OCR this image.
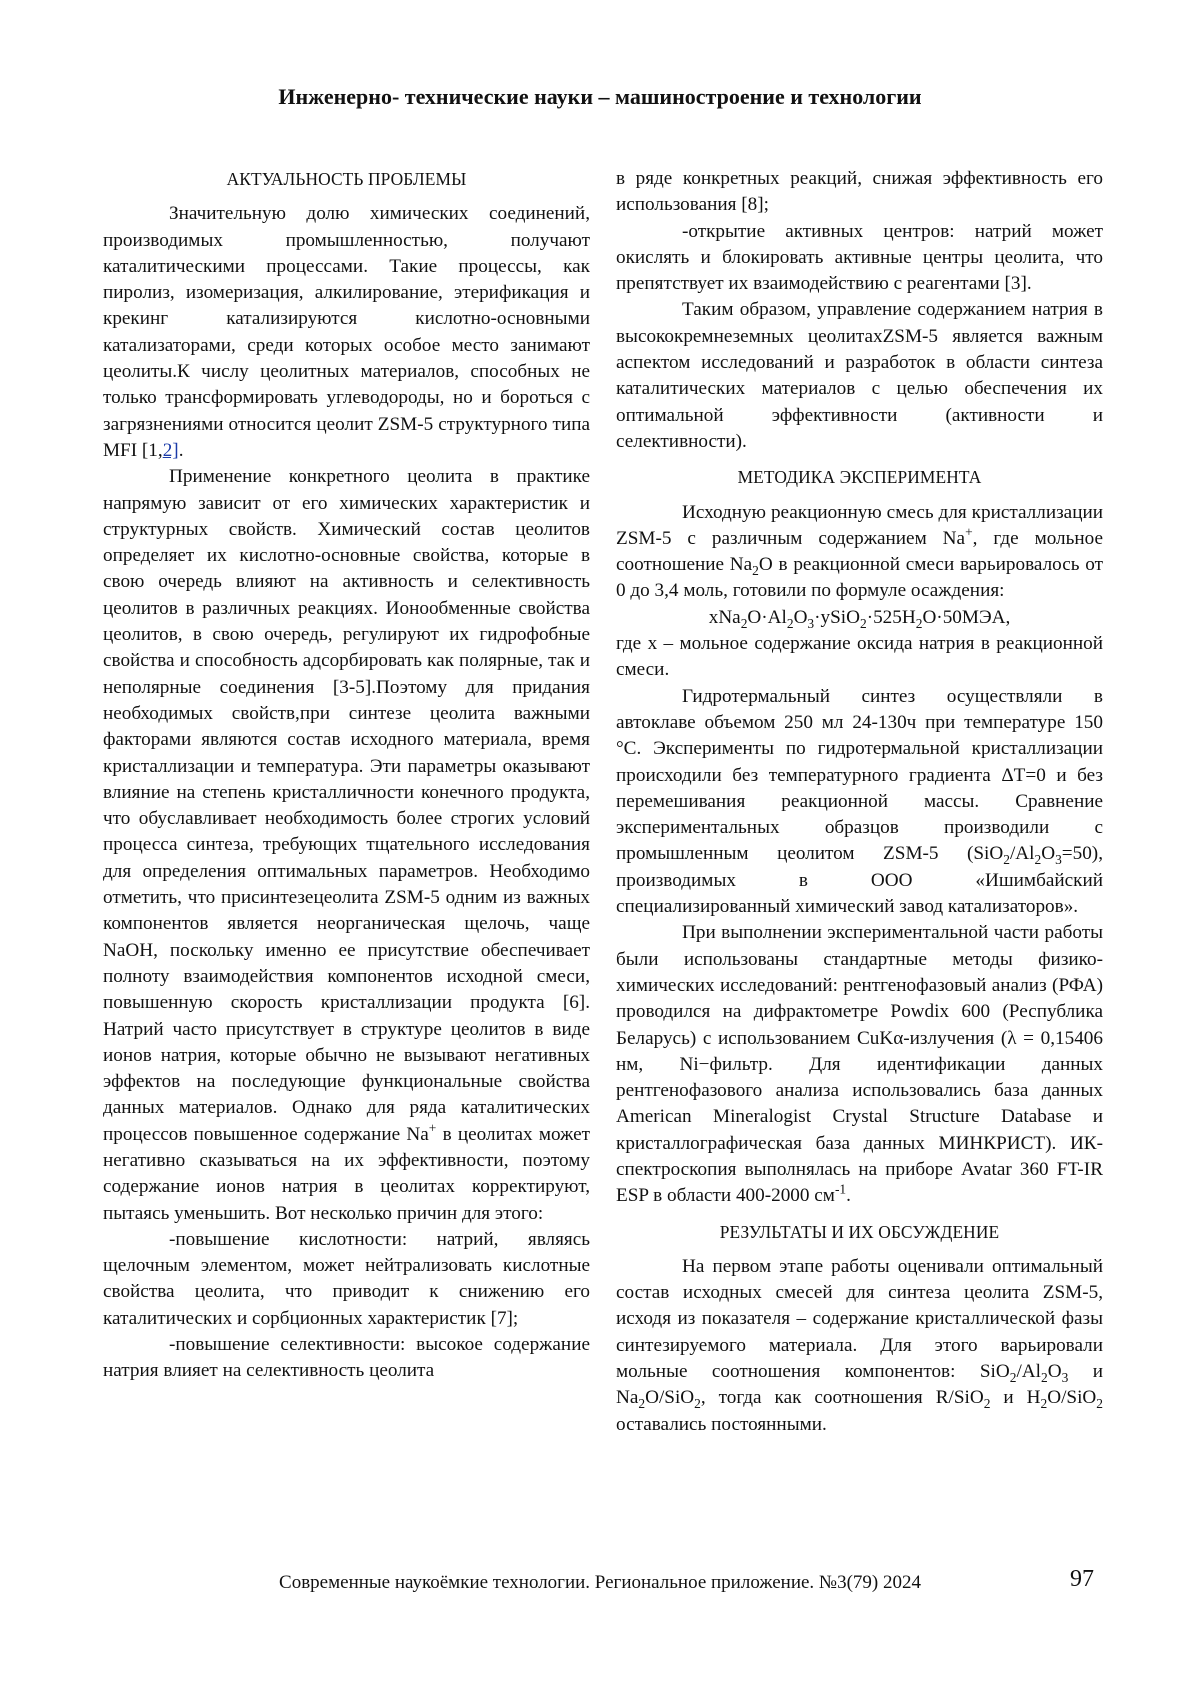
Инженерно- технические науки – машиностроение и технологии
АКТУАЛЬНОСТЬ ПРОБЛЕМЫ

Значительную долю химических соединений, производимых промышленностью, получают каталитическими процессами. Такие процессы, как пиролиз, изомеризация, алкилирование, этерификация и крекинг катализируются кислотно-основными катализаторами, среди которых особое место занимают цеолиты.К числу цеолитных материалов, способных не только трансформировать углеводороды, но и бороться с загрязнениями относится цеолит ZSM-5 структурного типа MFI [1,2].

Применение конкретного цеолита в практике напрямую зависит от его химических характеристик и структурных свойств. Химический состав цеолитов определяет их кислотно-основные свойства, которые в свою очередь влияют на активность и селективность цеолитов в различных реакциях. Ионообменные свойства цеолитов, в свою очередь, регулируют их гидрофобные свойства и способность адсорбировать как полярные, так и неполярные соединения [3-5].Поэтому для придания необходимых свойств,при синтезе цеолита важными факторами являются состав исходного материала, время кристаллизации и температура. Эти параметры оказывают влияние на степень кристалличности конечного продукта, что обуславливает необходимость более строгих условий процесса синтеза, требующих тщательного исследования для определения оптимальных параметров. Необходимо отметить, что присинтезецеолита ZSM-5 одним из важных компонентов является неорганическая щелочь, чаще NaOH, поскольку именно ее присутствие обеспечивает полноту взаимодействия компонентов исходной смеси, повышенную скорость кристаллизации продукта [6]. Натрий часто присутствует в структуре цеолитов в виде ионов натрия, которые обычно не вызывают негативных эффектов на последующие функциональные свойства данных материалов. Однако для ряда каталитических процессов повышенное содержание Na+ в цеолитах может негативно сказываться на их эффективности, поэтому содержание ионов натрия в цеолитах корректируют, пытаясь уменьшить. Вот несколько причин для этого:

-повышение кислотности: натрий, являясь щелочным элементом, может нейтрализовать кислотные свойства цеолита, что приводит к снижению его каталитических и сорбционных характеристик [7];

-повышение селективности: высокое содержание натрия влияет на селективность цеолита

в ряде конкретных реакций, снижая эффективность его использования [8];

-открытие активных центров: натрий может окислять и блокировать активные центры цеолита, что препятствует их взаимодействию с реагентами [3].

Таким образом, управление содержанием натрия в высококремнеземных цеолитахZSM-5 является важным аспектом исследований и разработок в области синтеза каталитических материалов с целью обеспечения их оптимальной эффективности (активности и селективности).

МЕТОДИКА ЭКСПЕРИМЕНТА

Исходную реакционную смесь для кристаллизации ZSM-5 с различным содержанием Na+, где мольное соотношение $Na_2O$ в реакционной смеси варьировалось от 0 до 3,4 моль, готовили по формуле осаждения:

$xNa_2O\cdot Al_2O_3\cdot ySiO_2\cdot 525H_2O\cdot 50МЭА$,

где x – мольное содержание оксида натрия в реакционной смеси.

Гидротермальный синтез осуществляли в автоклаве объемом 250 мл 24-130ч при температуре 150 °С. Эксперименты по гидротермальной кристаллизации происходили без температурного градиента ΔТ=0 и без перемешивания реакционной массы. Сравнение экспериментальных образцов производили с промышленным цеолитом ZSM-5 $(SiO_2/Al_2O_3=50)$, производимых в ООО «Ишимбайский специализированный химический завод катализаторов».

При выполнении экспериментальной части работы были использованы стандартные методы физико-химических исследований: рентгенофазовый анализ (РФА) проводился на дифрактометре Powdix 600 (Республика Беларусь) с использованием CuKα-излучения (λ = 0,15406 нм, Ni−фильтр. Для идентификации данных рентгенофазового анализа использовались база данных American Mineralogist Crystal Structure Database и кристаллографическая база данных МИНКРИСТ). ИК-спектроскопия выполнялась на приборе Avatar 360 FT-IR ESP в области 400-2000 $см^{-1}$.

РЕЗУЛЬТАТЫ И ИХ ОБСУЖДЕНИЕ

На первом этапе работы оценивали оптимальный состав исходных смесей для синтеза цеолита ZSM-5, исходя из показателя – содержание кристаллической фазы синтезируемого материала. Для этого варьировали мольные соотношения компонентов: $SiO_2/Al_2O_3$ и $Na_2O/SiO_2$, тогда как соотношения R/SiO$_2$ и $H_2O/SiO_2$ оставались постоянными.

Современные наукоёмкие технологии. Региональное приложение. №3(79) 2024	97
